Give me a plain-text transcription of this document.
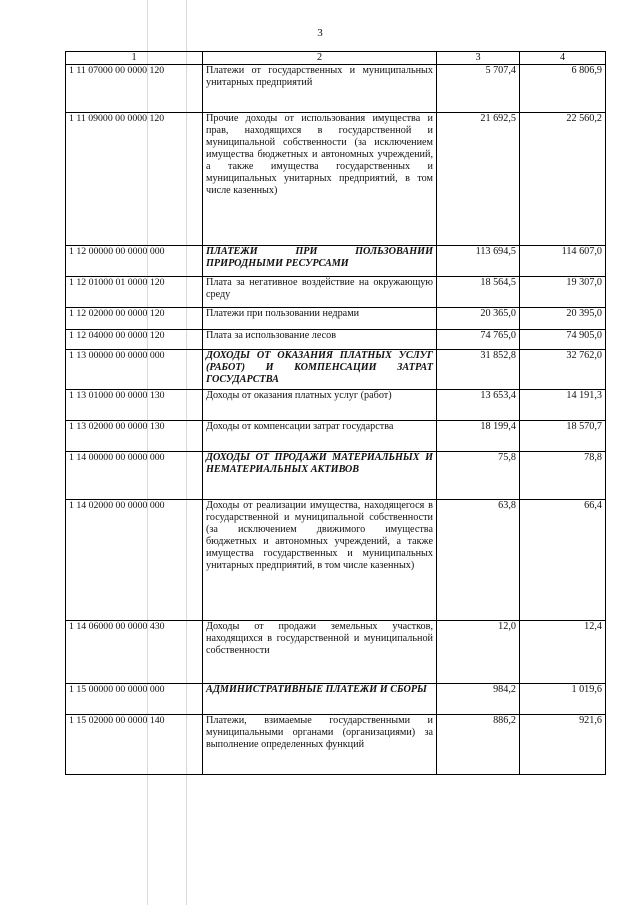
3
1	2	3	4
1 11 07000 00 0000 120	Платежи от государственных и муниципальных унитарных предприятий	5 707,4	6 806,9
1 11 09000 00 0000 120	Прочие доходы от использования имущества и прав, находящихся в государственной и муниципальной собственности (за исключением имущества бюджетных и автономных учреждений, а также имущества государственных и муниципальных унитарных предприятий, в том числе казенных)	21 692,5	22 560,2
1 12 00000 00 0000 000	ПЛАТЕЖИ ПРИ ПОЛЬЗОВАНИИ ПРИРОДНЫМИ РЕСУРСАМИ	113 694,5	114 607,0
1 12 01000 01 0000 120	Плата за негативное воздействие на окружающую среду	18 564,5	19 307,0
1 12 02000 00 0000 120	Платежи при пользовании недрами	20 365,0	20 395,0
1 12 04000 00 0000 120	Плата за использование лесов	74 765,0	74 905,0
1 13 00000 00 0000 000	ДОХОДЫ ОТ ОКАЗАНИЯ ПЛАТНЫХ УСЛУГ (РАБОТ) И КОМПЕНСАЦИИ ЗАТРАТ ГОСУДАРСТВА	31 852,8	32 762,0
1 13 01000 00 0000 130	Доходы от оказания платных услуг (работ)	13 653,4	14 191,3
1 13 02000 00 0000 130	Доходы от компенсации затрат государства	18 199,4	18 570,7
1 14 00000 00 0000 000	ДОХОДЫ ОТ ПРОДАЖИ МАТЕРИАЛЬНЫХ И НЕМАТЕРИАЛЬНЫХ АКТИВОВ	75,8	78,8
1 14 02000 00 0000 000	Доходы от реализации имущества, находящегося в государственной и муниципальной собственности (за исключением движимого имущества бюджетных и автономных учреждений, а также имущества государственных и муниципальных унитарных предприятий, в том числе казенных)	63,8	66,4
1 14 06000 00 0000 430	Доходы от продажи земельных участков, находящихся в государственной и муниципальной собственности	12,0	12,4
1 15 00000 00 0000 000	АДМИНИСТРАТИВНЫЕ ПЛАТЕЖИ И СБОРЫ	984,2	1 019,6
1 15 02000 00 0000 140	Платежи, взимаемые государственными и муниципальными органами (организациями) за выполнение определенных функций	886,2	921,6
